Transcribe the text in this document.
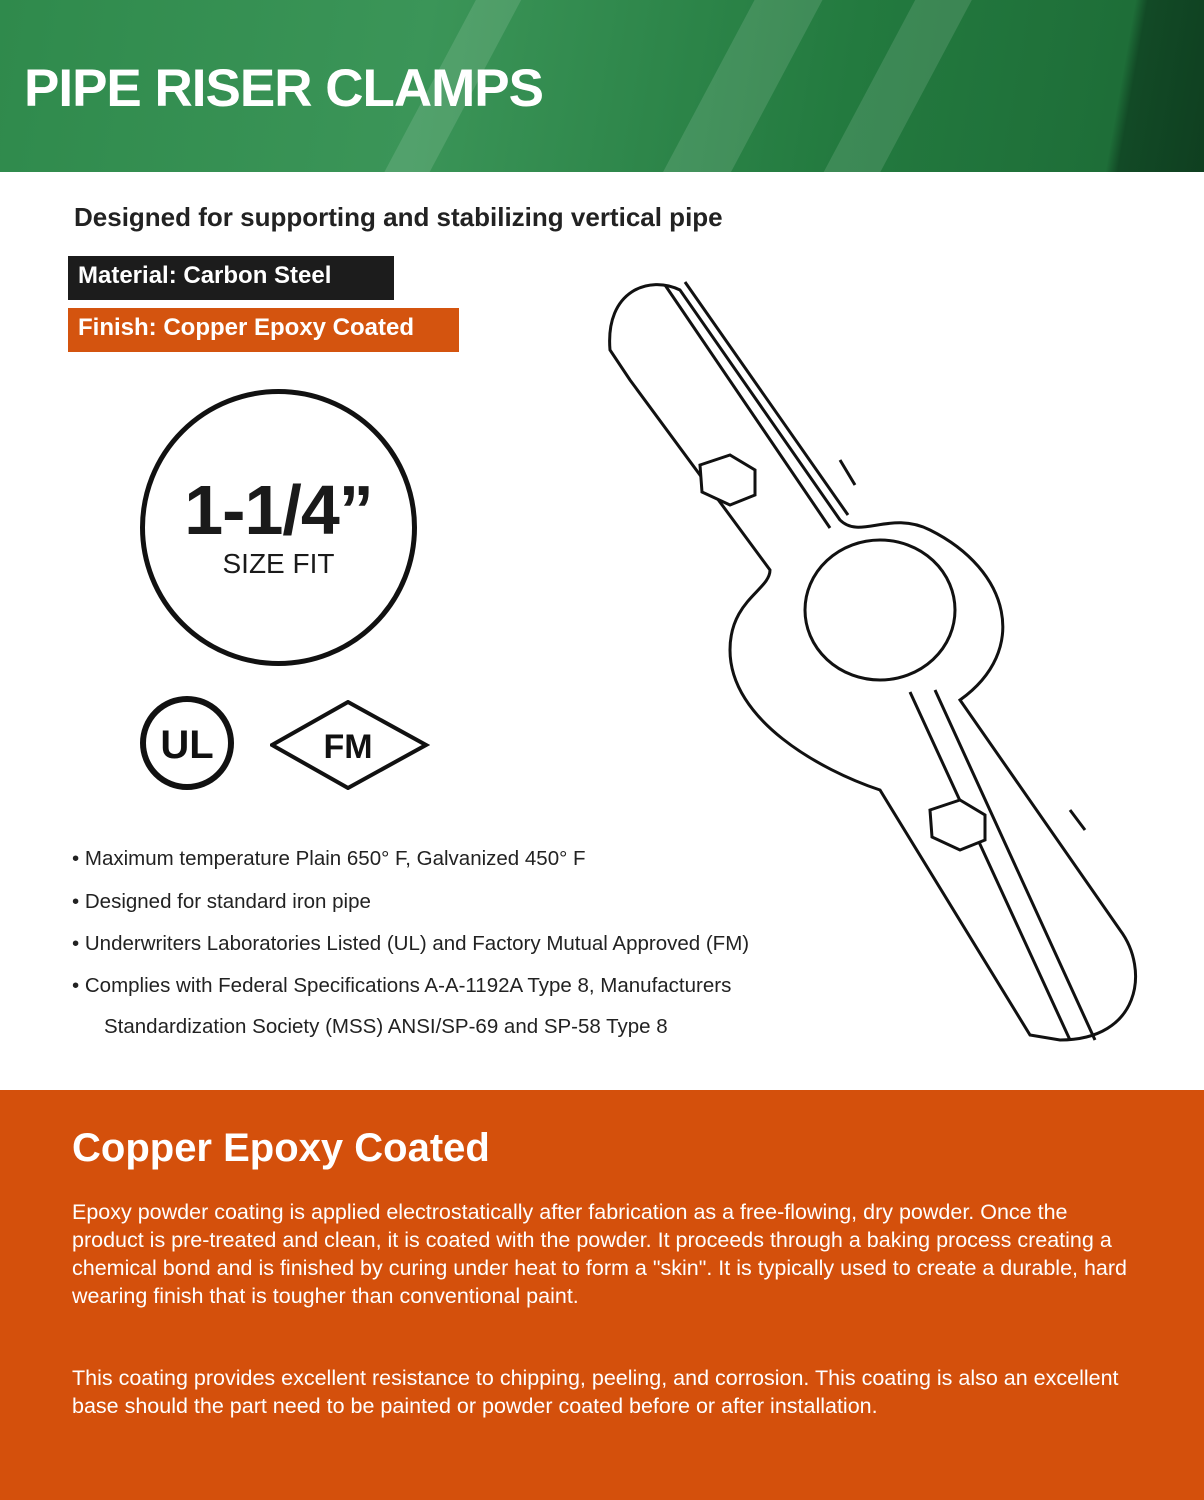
PIPE RISER CLAMPS
Designed for supporting and stabilizing vertical pipe
Material: Carbon Steel
Finish: Copper Epoxy Coated
1-1/4”
SIZE FIT
UL	FM
• Maximum temperature Plain 650° F, Galvanized 450° F
• Designed for standard iron pipe
• Underwriters Laboratories Listed (UL) and Factory Mutual Approved (FM)
• Complies with Federal Specifications A-A-1192A Type 8, Manufacturers
Standardization Society (MSS) ANSI/SP-69 and SP-58 Type 8
Copper Epoxy Coated

Epoxy powder coating is applied electrostatically after fabrication as a free-flowing, dry powder. Once the product is pre-treated and clean, it is coated with the powder. It proceeds through a baking process creating a chemical bond and is finished by curing under heat to form a "skin". It is typically used to create a durable, hard wearing finish that is tougher than conventional paint.

This coating provides excellent resistance to chipping, peeling, and corrosion. This coating is also an excellent base should the part need to be painted or powder coated before or after installation.
